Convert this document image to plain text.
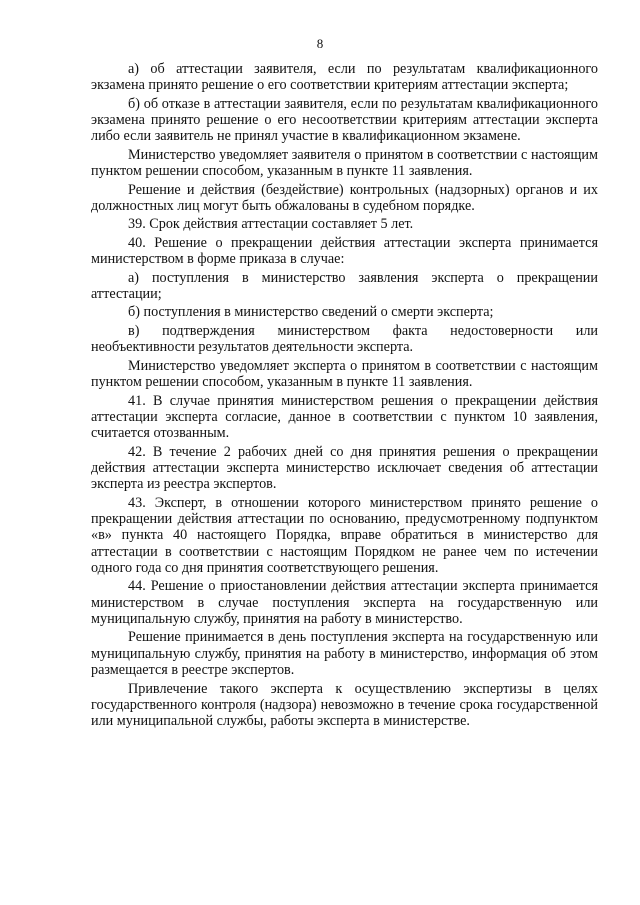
8

а) об аттестации заявителя, если по результатам квалификационного экзамена принято решение о его соответствии критериям аттестации эксперта;

б) об отказе в аттестации заявителя, если по результатам квалификационного экзамена принято решение о его несоответствии критериям аттестации эксперта либо если заявитель не принял участие в квалификационном экзамене.

Министерство уведомляет заявителя о принятом в соответствии с настоящим пунктом решении способом, указанным в пункте 11 заявления.

Решение и действия (бездействие) контрольных (надзорных) органов и их должностных лиц могут быть обжалованы в судебном порядке.

39. Срок действия аттестации составляет 5 лет.

40. Решение о прекращении действия аттестации эксперта принимается министерством в форме приказа в случае:

а) поступления в министерство заявления эксперта о прекращении аттестации;

б) поступления в министерство сведений о смерти эксперта;

в) подтверждения министерством факта недостоверности или необъективности результатов деятельности эксперта.

Министерство уведомляет эксперта о принятом в соответствии с настоящим пунктом решении способом, указанным в пункте 11 заявления.

41. В случае принятия министерством решения о прекращении действия аттестации эксперта согласие, данное в соответствии с пунктом 10 заявления, считается отозванным.

42. В течение 2 рабочих дней со дня принятия решения о прекращении действия аттестации эксперта министерство исключает сведения об аттестации эксперта из реестра экспертов.

43. Эксперт, в отношении которого министерством принято решение о прекращении действия аттестации по основанию, предусмотренному подпунктом «в» пункта 40 настоящего Порядка, вправе обратиться в министерство для аттестации в соответствии с настоящим Порядком не ранее чем по истечении одного года со дня принятия соответствующего решения.

44. Решение о приостановлении действия аттестации эксперта принимается министерством в случае поступления эксперта на государственную или муниципальную службу, принятия на работу в министерство.

Решение принимается в день поступления эксперта на государственную или муниципальную службу, принятия на работу в министерство, информация об этом размещается в реестре экспертов.

Привлечение такого эксперта к осуществлению экспертизы в целях государственного контроля (надзора) невозможно в течение срока государственной или муниципальной службы, работы эксперта в министерстве.
